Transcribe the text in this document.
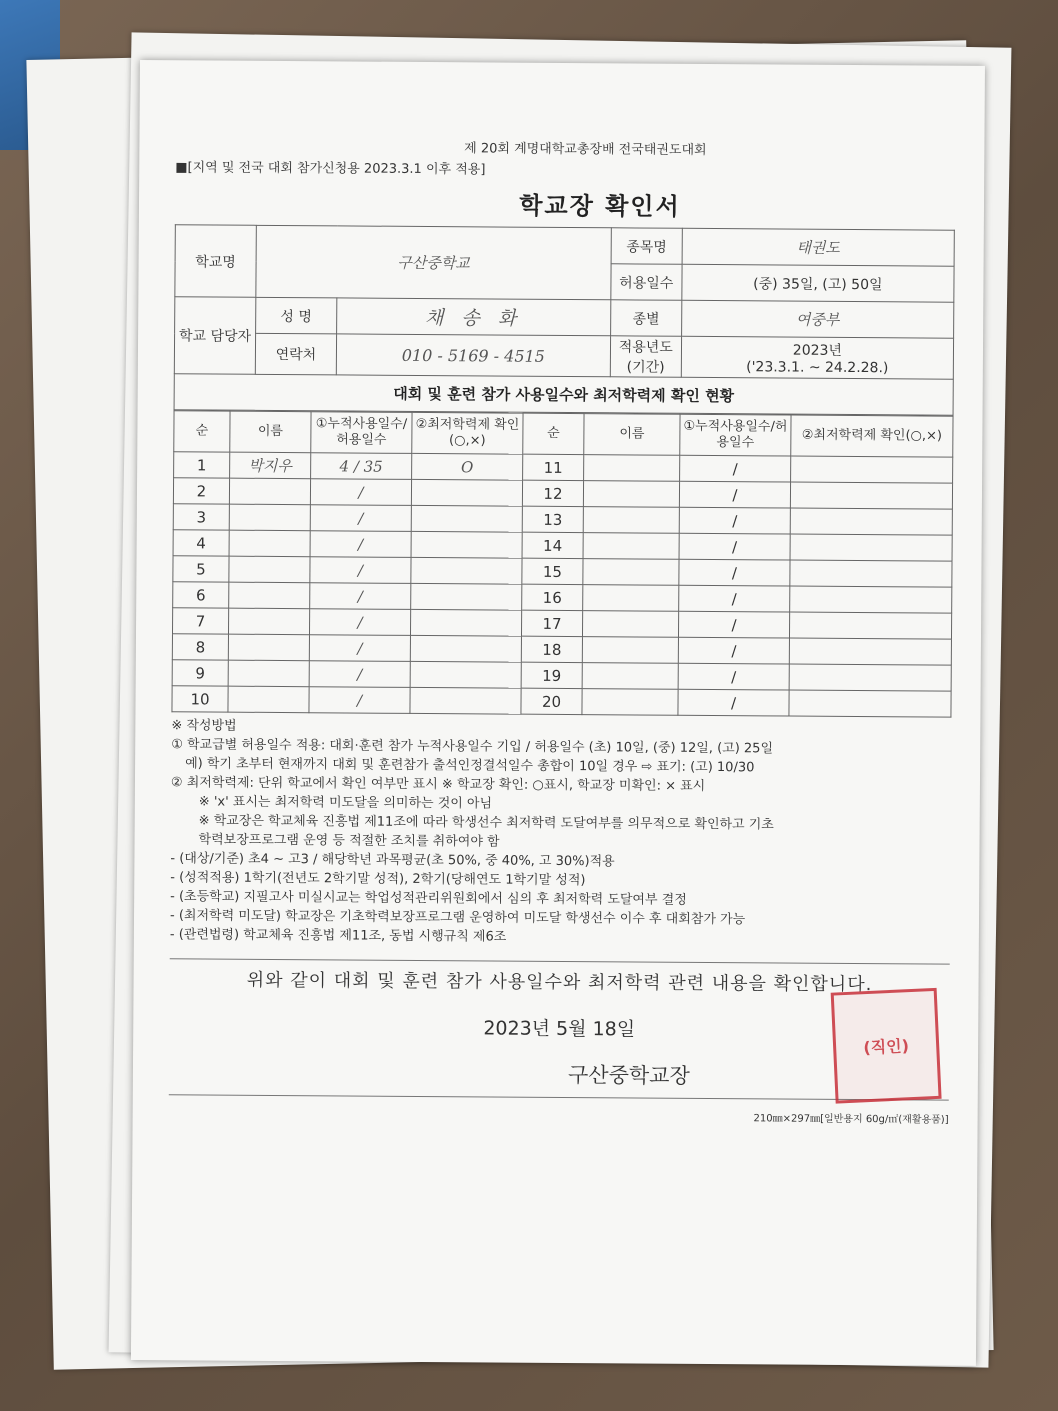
제 20회 계명대학교총장배 전국태권도대회
■[지역 및 전국 대회 참가신청용 2023.3.1 이후 적용]
학교장 확인서
학교명	구산중학교		종목명	태권도
			허용일수	(중) 35일, (고) 50일
학교 담당자	성 명	채 송 화	종별	여중부
	연락처	010 - 5169 - 4515	적용년도 (기간)	2023년
('23.3.1. ~ 24.2.28.)

대회 및 훈련 참가 사용일수와 최저학력제 확인 현황				
순	이름	①누적사용일수/허용일수	②최저학력제 확인(○,×)	순	이름	①누적사용일수/허용일수	②최저학력제 확인(○,×)
1	박지우	4 / 35	O	11		/	
2		/		12		/	
3		/		13		/	
4		/		14		/	
5		/		15		/	
6		/		16		/	
7		/		17		/	
8		/		18		/	
9		/		19		/	
10		/		20		/	

※ 작성방법

① 학교급별 허용일수 적용: 대회·훈련 참가 누적사용일수 기입 / 허용일수 (초) 10일, (중) 12일, (고) 25일

예) 학기 초부터 현재까지 대회 및 훈련참가 출석인정결석일수 총합이 10일 경우 ⇨ 표기: (고) 10/30

② 최저학력제: 단위 학교에서 확인 여부만 표시 ※ 학교장 확인: ○표시, 학교장 미확인: × 표시

※ 'x' 표시는 최저학력 미도달을 의미하는 것이 아님

※ 학교장은 학교체육 진흥법 제11조에 따라 학생선수 최저학력 도달여부를 의무적으로 확인하고 기초

학력보장프로그램 운영 등 적절한 조치를 취하여야 함

- (대상/기준) 초4 ~ 고3 / 해당학년 과목평균(초 50%, 중 40%, 고 30%)적용

- (성적적용) 1학기(전년도 2학기말 성적), 2학기(당해연도 1학기말 성적)

- (초등학교) 지필고사 미실시교는 학업성적관리위원회에서 심의 후 최저학력 도달여부 결정

- (최저학력 미도달) 학교장은 기초학력보장프로그램 운영하여 미도달 학생선수 이수 후 대회참가 가능

- (관련법령) 학교체육 진흥법 제11조, 동법 시행규칙 제6조

위와 같이 대회 및 훈련 참가 사용일수와 최저학력 관련 내용을 확인합니다.
2023년 5월 18일
구산중학교장
210㎜×297㎜[일반용지 60g/㎡(재활용품)]
(직인)
